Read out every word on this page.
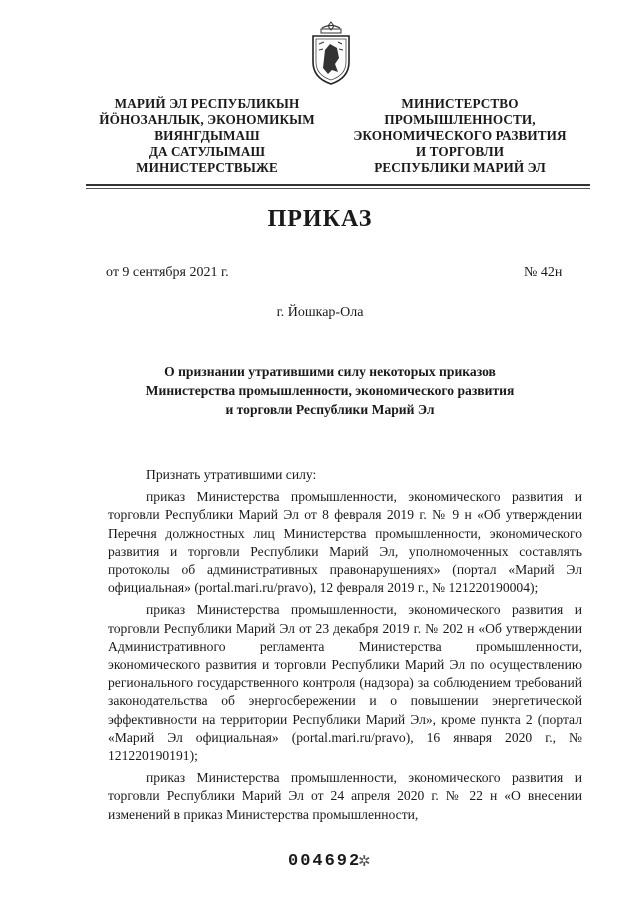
МАРИЙ ЭЛ РЕСПУБЛИКЫН
ЙӦНОЗАНЛЫК, ЭКОНОМИКЫМ
ВИЯНГДЫМАШ
ДА САТУЛЫМАШ
МИНИСТЕРСТВЫЖЕ
МИНИСТЕРСТВО
ПРОМЫШЛЕННОСТИ,
ЭКОНОМИЧЕСКОГО РАЗВИТИЯ
И ТОРГОВЛИ
РЕСПУБЛИКИ МАРИЙ ЭЛ
ПРИКАЗ
от 9 сентября 2021 г.	№ 42н
г. Йошкар-Ола
О признании утратившими силу некоторых приказов
Министерства промышленности, экономического развития
и торговли Республики Марий Эл

Признать утратившими силу:

приказ Министерства промышленности, экономического развития и торговли Республики Марий Эл от 8 февраля 2019 г. № 9 н «Об утверждении Перечня должностных лиц Министерства промышленности, экономического развития и торговли Республики Марий Эл, уполномоченных составлять протоколы об административных правонарушениях» (портал «Марий Эл официальная» (portal.mari.ru/pravo), 12 февраля 2019 г., № 121220190004);

приказ Министерства промышленности, экономического развития и торговли Республики Марий Эл от 23 декабря 2019 г. № 202 н «Об утверждении Административного регламента Министерства промышленности, экономического развития и торговли Республики Марий Эл по осуществлению регионального государственного контроля (надзора) за соблюдением требований законодательства об энергосбережении и о повышении энергетической эффективности на территории Республики Марий Эл», кроме пункта 2 (портал «Марий Эл официальная» (portal.mari.ru/pravo), 16 января 2020 г., № 121220190191);

приказ Министерства промышленности, экономического развития и торговли Республики Марий Эл от 24 апреля 2020 г. № 22 н «О внесении изменений в приказ Министерства промышленности,

004692
✲
